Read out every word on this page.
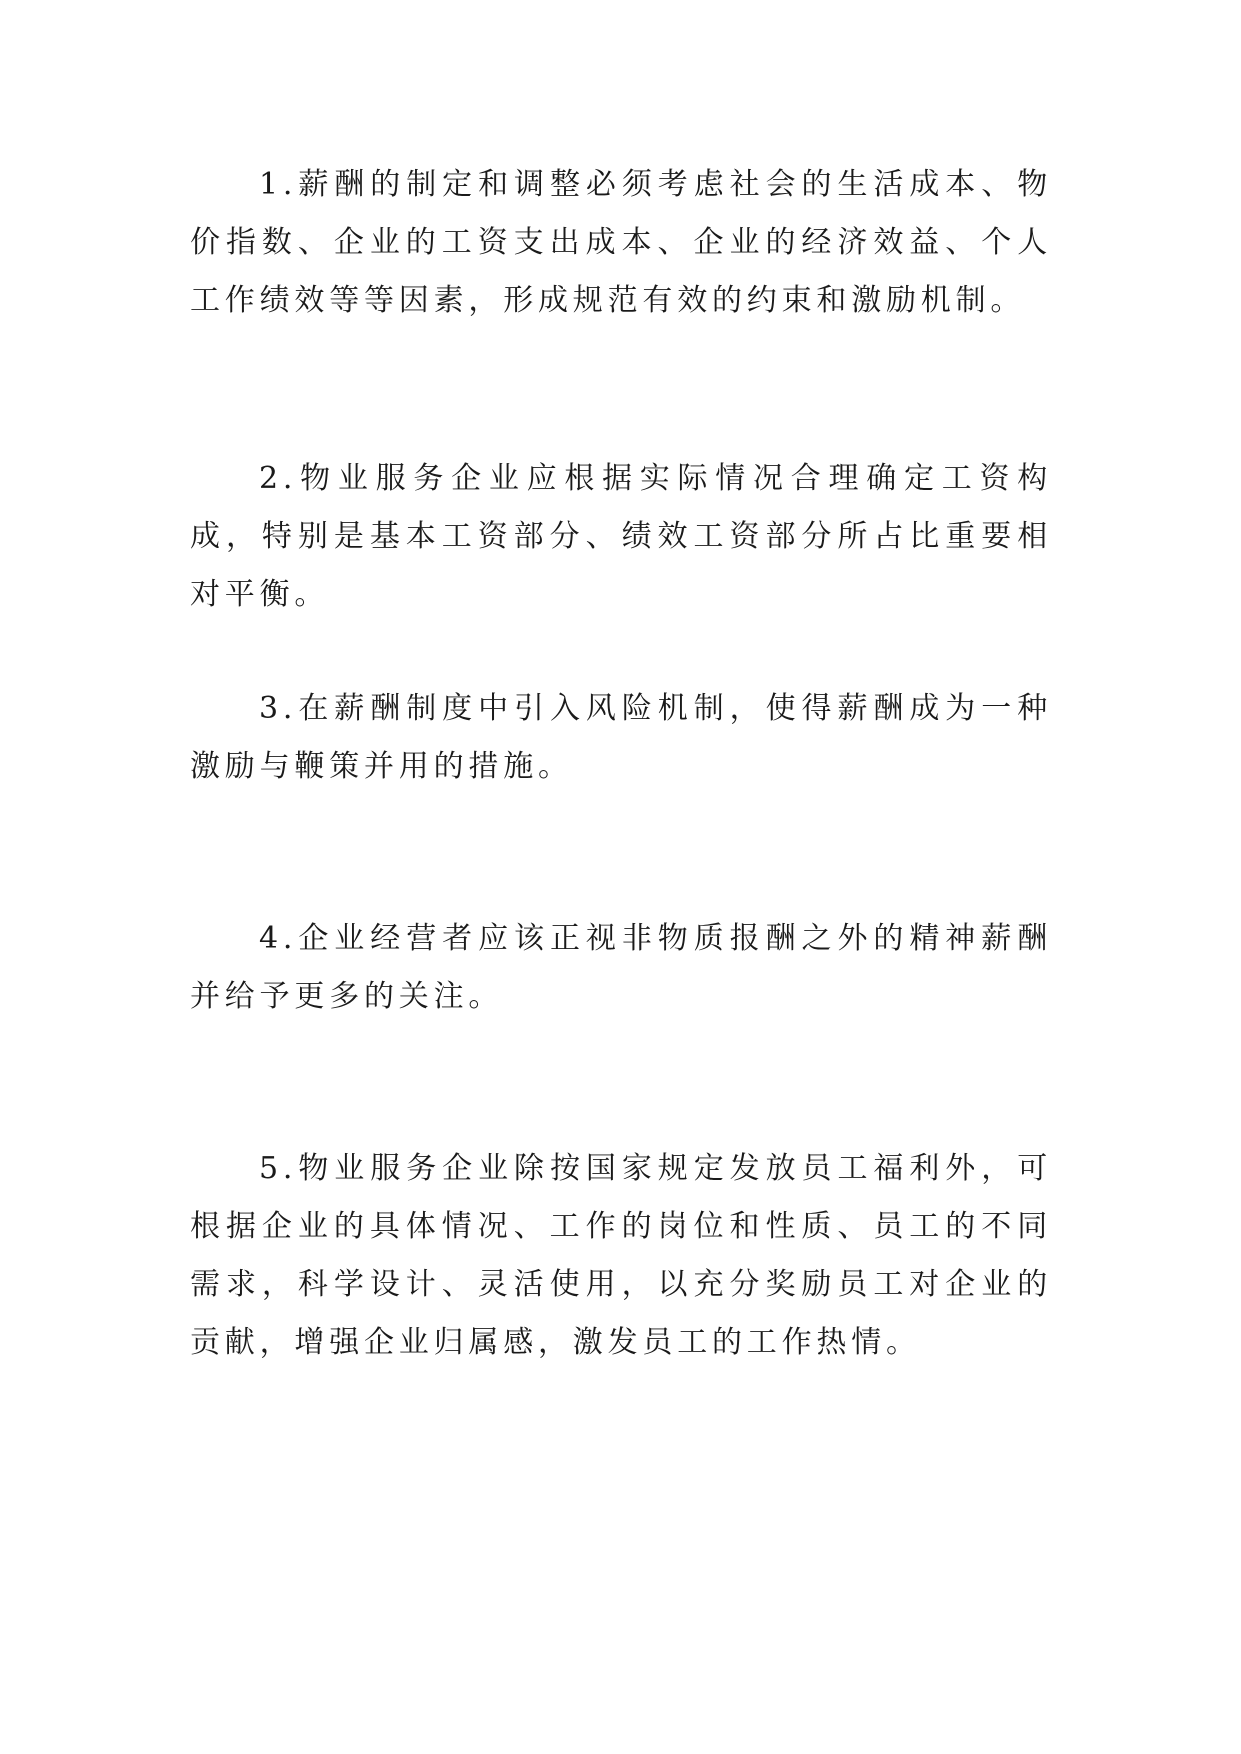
1.薪酬的制定和调整必须考虑社会的生活成本、物价指数、企业的工资支出成本、企业的经济效益、个人工作绩效等等因素，形成规范有效的约束和激励机制。

2.物业服务企业应根据实际情况合理确定工资构成，特别是基本工资部分、绩效工资部分所占比重要相对平衡。

3.在薪酬制度中引入风险机制，使得薪酬成为一种激励与鞭策并用的措施。

4.企业经营者应该正视非物质报酬之外的精神薪酬并给予更多的关注。

5.物业服务企业除按国家规定发放员工福利外，可根据企业的具体情况、工作的岗位和性质、员工的不同需求，科学设计、灵活使用，以充分奖励员工对企业的贡献，增强企业归属感，激发员工的工作热情。
